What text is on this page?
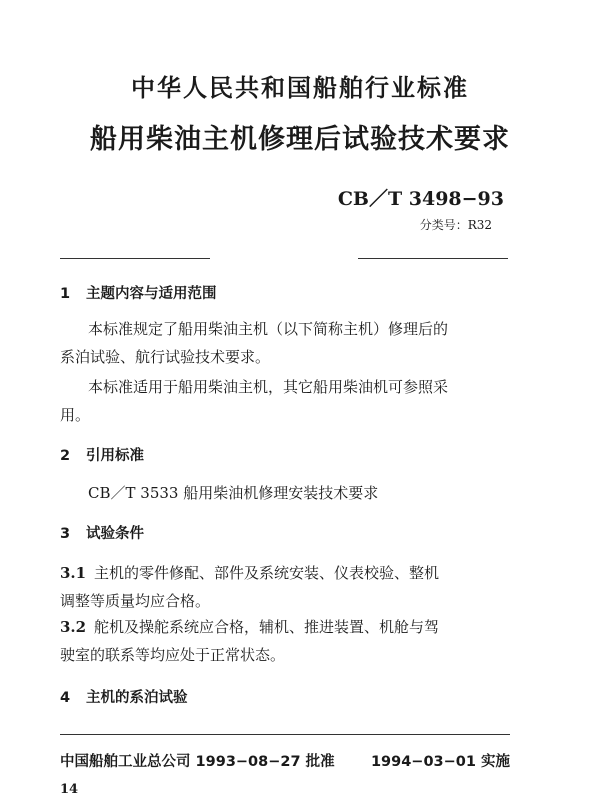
中华人民共和国船舶行业标准
船用柴油主机修理后试验技术要求
CB／T 3498−93
分类号：R32
1 主题内容与适用范围
本标准规定了船用柴油主机（以下简称主机）修理后的
系泊试验、航行试验技术要求。
本标准适用于船用柴油主机，其它船用柴油机可参照采
用。
2 引用标准
CB／T 3533 船用柴油机修理安装技术要求
3 试验条件
3.1 主机的零件修配、部件及系统安装、仪表校验、整机
调整等质量均应合格。
3.2 舵机及操舵系统应合格，辅机、推进装置、机舱与驾
驶室的联系等均应处于正常状态。
4 主机的系泊试验
中国船舶工业总公司 1993−08−27 批准	1994−03−01 实施
14
